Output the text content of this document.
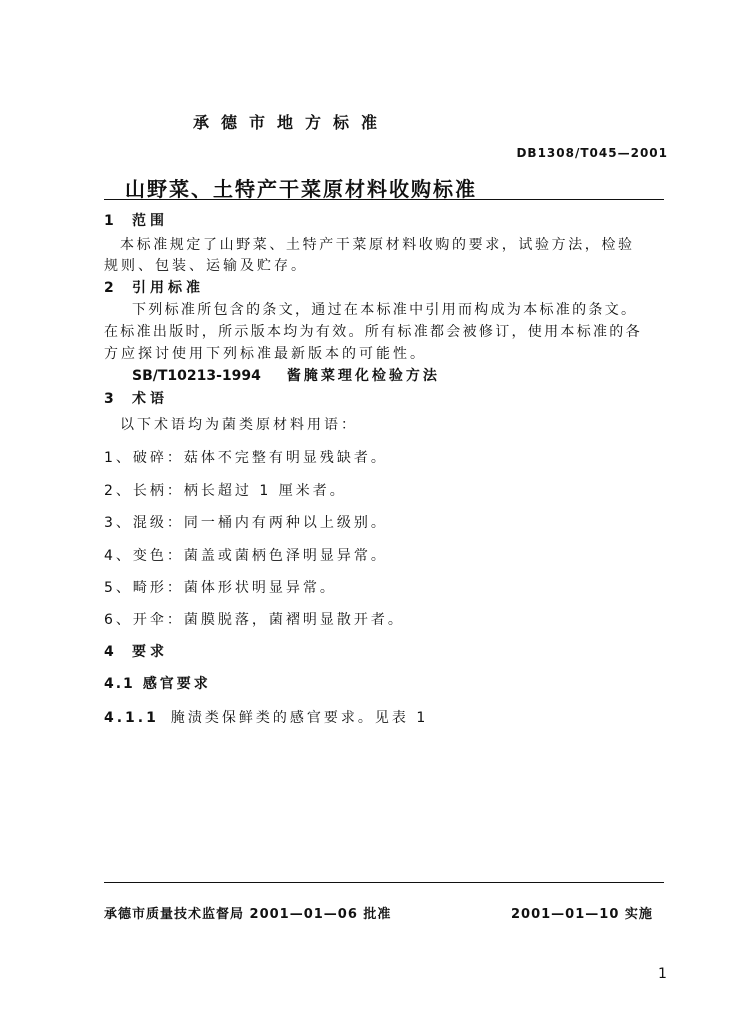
承德市地方标准
DB1308/T045—2001
山野菜、土特产干菜原材料收购标准
1 范围
本标准规定了山野菜、土特产干菜原材料收购的要求，试验方法，检验
规则、包装、运输及贮存。
2 引用标准
下列标准所包含的条文，通过在本标准中引用而构成为本标准的条文。
在标准出版时，所示版本均为有效。所有标准都会被修订，使用本标准的各
方应探讨使用下列标准最新版本的可能性。
SB/T10213-1994 酱腌菜理化检验方法
3 术语
以下术语均为菌类原材料用语：
1、破碎：菇体不完整有明显残缺者。
2、长柄：柄长超过 1 厘米者。
3、混级：同一桶内有两种以上级别。
4、变色：菌盖或菌柄色泽明显异常。
5、畸形：菌体形状明显异常。
6、开伞：菌膜脱落，菌褶明显散开者。
4 要求
4.1 感官要求
4.1.1 腌渍类保鲜类的感官要求。见表 1
承德市质量技术监督局 2001—01—06 批准	2001—01—10 实施
1
